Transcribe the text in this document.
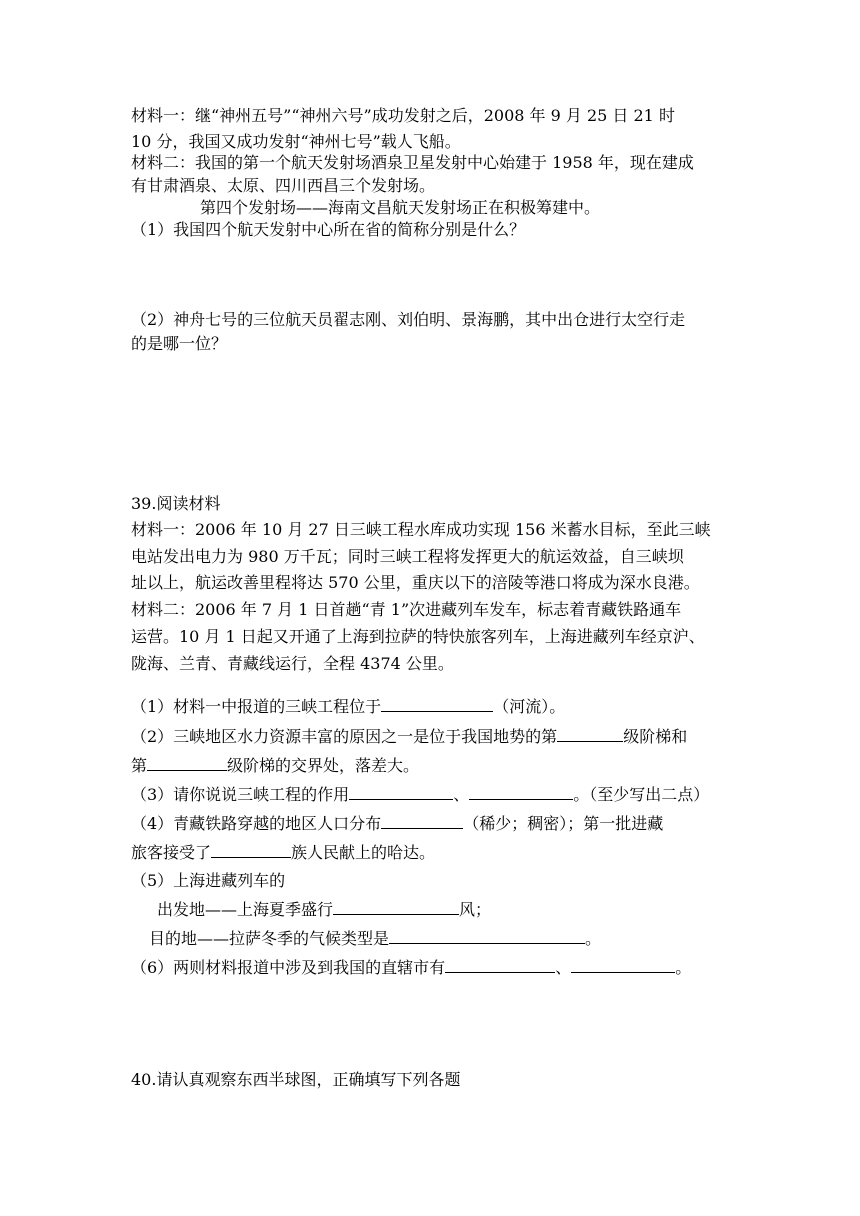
材料一：继“神州五号”“神州六号”成功发射之后，2008 年 9 月 25 日 21 时
10 分，我国又成功发射“神州七号”载人飞船。
材料二：我国的第一个航天发射场酒泉卫星发射中心始建于 1958 年，现在建成
有甘肃酒泉、太原、四川西昌三个发射场。
第四个发射场——海南文昌航天发射场正在积极筹建中。
（1）我国四个航天发射中心所在省的简称分别是什么？
（2）神舟七号的三位航天员翟志刚、刘伯明、景海鹏，其中出仓进行太空行走
的是哪一位？
39.阅读材料
材料一：2006 年 10 月 27 日三峡工程水库成功实现 156 米蓄水目标，至此三峡
电站发出电力为 980 万千瓦；同时三峡工程将发挥更大的航运效益，自三峡坝
址以上，航运改善里程将达 570 公里，重庆以下的涪陵等港口将成为深水良港。
材料二：2006 年 7 月 1 日首趟“青 1”次进藏列车发车，标志着青藏铁路通车
运营。10 月 1 日起又开通了上海到拉萨的特快旅客列车，上海进藏列车经京沪、
陇海、兰青、青藏线运行，全程 4374 公里。
（1）材料一中报道的三峡工程位于	（河流）。
（2）三峡地区水力资源丰富的原因之一是位于我国地势的第	级阶梯和
第	级阶梯的交界处，落差大。
（3）请你说说三峡工程的作用	、	。（至少写出二点）
（4）青藏铁路穿越的地区人口分布	（稀少；稠密）；第一批进藏
旅客接受了	族人民献上的哈达。
（5）上海进藏列车的
出发地——上海夏季盛行	风；
目的地——拉萨冬季的气候类型是	。
（6）两则材料报道中涉及到我国的直辖市有	、	。
40.请认真观察东西半球图，正确填写下列各题
